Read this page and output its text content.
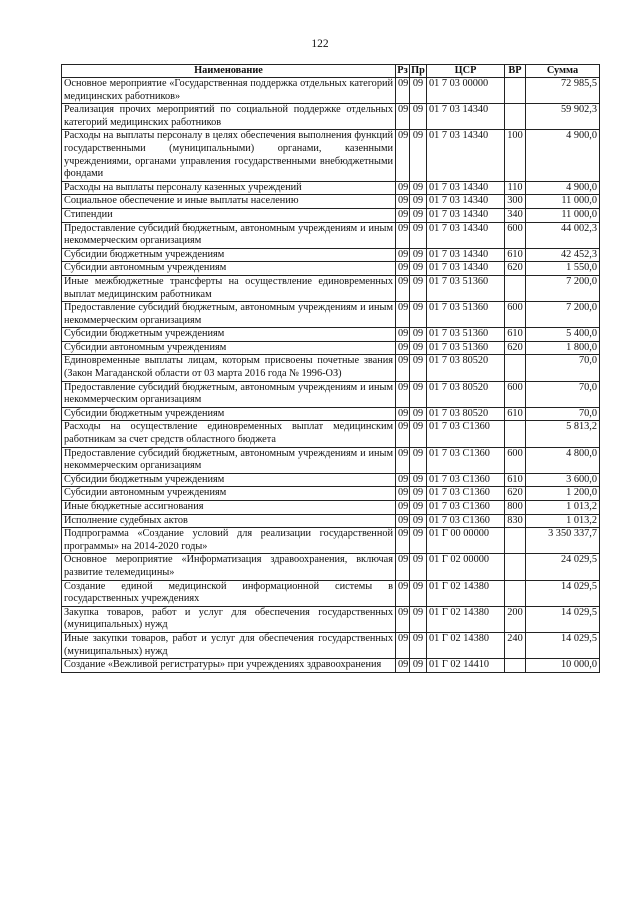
122
Наименование	Рз	Пр	ЦСР	ВР	Сумма
Основное мероприятие «Государственная поддержка отдельных категорий медицинских работников»	09	09	01 7 03 00000		72 985,5
Реализация прочих мероприятий по социальной поддержке отдельных категорий медицинских работников	09	09	01 7 03 14340		59 902,3
Расходы на выплаты персоналу в целях обеспечения выполнения функций государственными (муниципальными) органами, казенными учреждениями, органами управления государственными внебюджетными фондами	09	09	01 7 03 14340	100	4 900,0
Расходы на выплаты персоналу казенных учреждений	09	09	01 7 03 14340	110	4 900,0
Социальное обеспечение и иные выплаты населению	09	09	01 7 03 14340	300	11 000,0
Стипендии	09	09	01 7 03 14340	340	11 000,0
Предоставление субсидий бюджетным, автономным учреждениям и иным некоммерческим организациям	09	09	01 7 03 14340	600	44 002,3
Субсидии бюджетным учреждениям	09	09	01 7 03 14340	610	42 452,3
Субсидии автономным учреждениям	09	09	01 7 03 14340	620	1 550,0
Иные межбюджетные трансферты на осуществление единовременных выплат медицинским работникам	09	09	01 7 03 51360		7 200,0
Предоставление субсидий бюджетным, автономным учреждениям и иным некоммерческим организациям	09	09	01 7 03 51360	600	7 200,0
Субсидии бюджетным учреждениям	09	09	01 7 03 51360	610	5 400,0
Субсидии автономным учреждениям	09	09	01 7 03 51360	620	1 800,0
Единовременные выплаты лицам, которым присвоены почетные звания (Закон Магаданской области от 03 марта 2016 года № 1996-ОЗ)	09	09	01 7 03 80520		70,0
Предоставление субсидий бюджетным, автономным учреждениям и иным некоммерческим организациям	09	09	01 7 03 80520	600	70,0
Субсидии бюджетным учреждениям	09	09	01 7 03 80520	610	70,0
Расходы на осуществление единовременных выплат медицинским работникам за счет средств областного бюджета	09	09	01 7 03 С1360		5 813,2
Предоставление субсидий бюджетным, автономным учреждениям и иным некоммерческим организациям	09	09	01 7 03 С1360	600	4 800,0
Субсидии бюджетным учреждениям	09	09	01 7 03 С1360	610	3 600,0
Субсидии автономным учреждениям	09	09	01 7 03 С1360	620	1 200,0
Иные бюджетные ассигнования	09	09	01 7 03 С1360	800	1 013,2
Исполнение судебных актов	09	09	01 7 03 С1360	830	1 013,2
Подпрограмма «Создание условий для реализации государственной программы» на 2014-2020 годы»	09	09	01 Г 00 00000		3 350 337,7
Основное мероприятие «Информатизация здравоохранения, включая развитие телемедицины»	09	09	01 Г 02 00000		24 029,5
Создание единой медицинской информационной системы в государственных учреждениях	09	09	01 Г 02 14380		14 029,5
Закупка товаров, работ и услуг для обеспечения государственных (муниципальных) нужд	09	09	01 Г 02 14380	200	14 029,5
Иные закупки товаров, работ и услуг для обеспечения государственных (муниципальных) нужд	09	09	01 Г 02 14380	240	14 029,5
Создание «Вежливой регистратуры» при учреждениях здравоохранения	09	09	01 Г 02 14410		10 000,0
